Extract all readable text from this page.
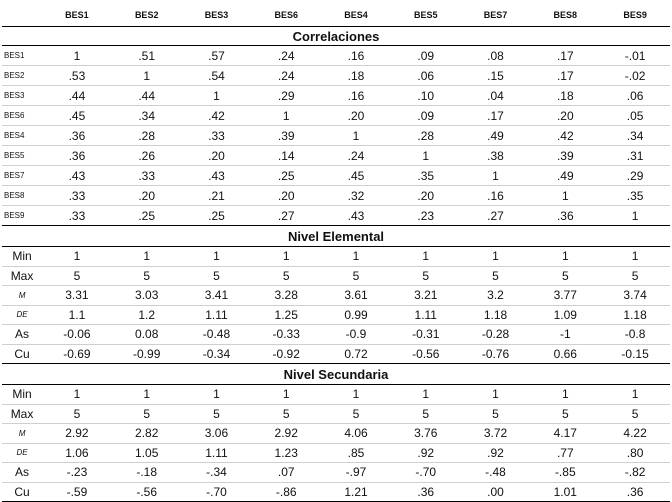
	BES1	BES2	BES3	BES6	BES4	BES5	BES7	BES8	BES9
Correlaciones									
BES1	1	.51	.57	.24	.16	.09	.08	.17	-.01
BES2	.53	1	.54	.24	.18	.06	.15	.17	-.02
BES3	.44	.44	1	.29	.16	.10	.04	.18	.06
BES6	.45	.34	.42	1	.20	.09	.17	.20	.05
BES4	.36	.28	.33	.39	1	.28	.49	.42	.34
BES5	.36	.26	.20	.14	.24	1	.38	.39	.31
BES7	.43	.33	.43	.25	.45	.35	1	.49	.29
BES8	.33	.20	.21	.20	.32	.20	.16	1	.35
BES9	.33	.25	.25	.27	.43	.23	.27	.36	1
Nivel Elemental									
Min	1	1	1	1	1	1	1	1	1
Max	5	5	5	5	5	5	5	5	5
M	3.31	3.03	3.41	3.28	3.61	3.21	3.2	3.77	3.74
DE	1.1	1.2	1.11	1.25	0.99	1.11	1.18	1.09	1.18
As	-0.06	0.08	-0.48	-0.33	-0.9	-0.31	-0.28	-1	-0.8
Cu	-0.69	-0.99	-0.34	-0.92	0.72	-0.56	-0.76	0.66	-0.15
Nivel Secundaria									
Min	1	1	1	1	1	1	1	1	1
Max	5	5	5	5	5	5	5	5	5
M	2.92	2.82	3.06	2.92	4.06	3.76	3.72	4.17	4.22
DE	1.06	1.05	1.11	1.23	.85	.92	.92	.77	.80
As	-.23	-.18	-.34	.07	-.97	-.70	-.48	-.85	-.82
Cu	-.59	-.56	-.70	-.86	1.21	.36	.00	1.01	.36
